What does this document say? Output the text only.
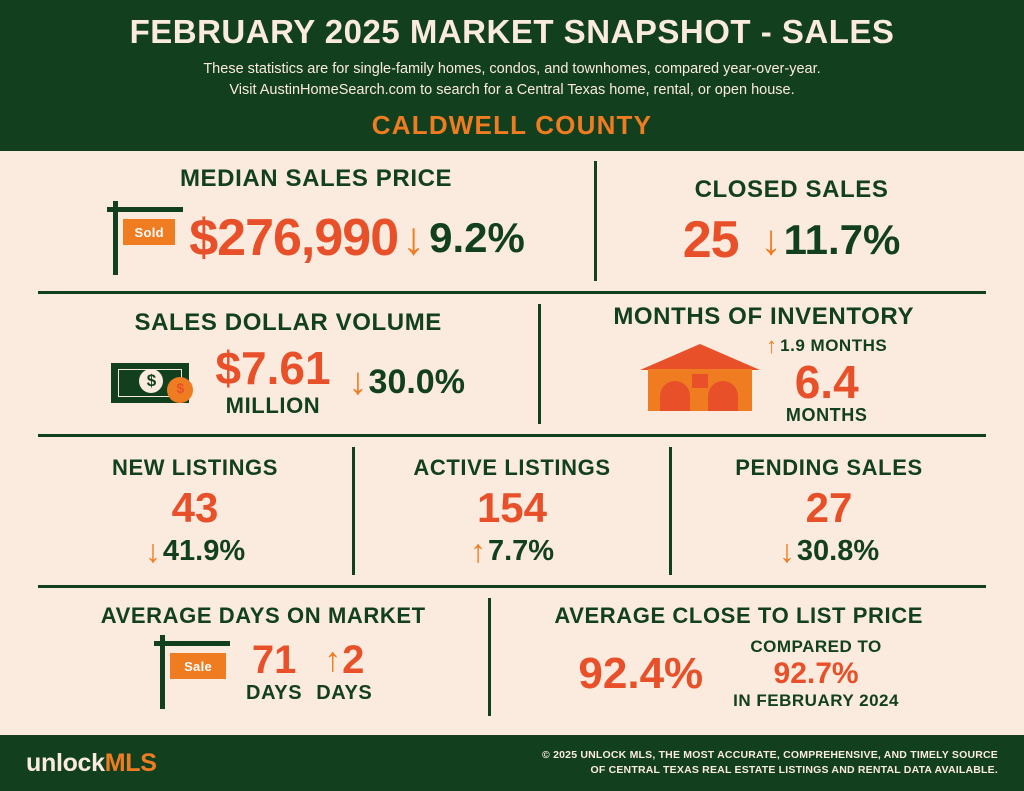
FEBRUARY 2025 MARKET SNAPSHOT - SALES
These statistics are for single-family homes, condos, and townhomes, compared year-over-year.
Visit AustinHomeSearch.com to search for a Central Texas home, rental, or open house.
CALDWELL COUNTY
MEDIAN SALES PRICE
Sold $276,990 ↓ 9.2%
CLOSED SALES
25 ↓ 11.7%
SALES DOLLAR VOLUME
$ $ $7.61
MILLION
↓ 30.0%
MONTHS OF INVENTORY
↑ 1.9 MONTHS
6.4
MONTHS
NEW LISTINGS
43
↓ 41.9%
ACTIVE LISTINGS
154
↑ 7.7%
PENDING SALES
27
↓ 30.8%
AVERAGE DAYS ON MARKET
Sale 71
DAYS
↑ 2
DAYS
AVERAGE CLOSE TO LIST PRICE
92.4%
COMPARED TO
92.7%
IN FEBRUARY 2024
unlockMLS	© 2025 UNLOCK MLS, THE MOST ACCURATE, COMPREHENSIVE, AND TIMELY SOURCE
OF CENTRAL TEXAS REAL ESTATE LISTINGS AND RENTAL DATA AVAILABLE.
